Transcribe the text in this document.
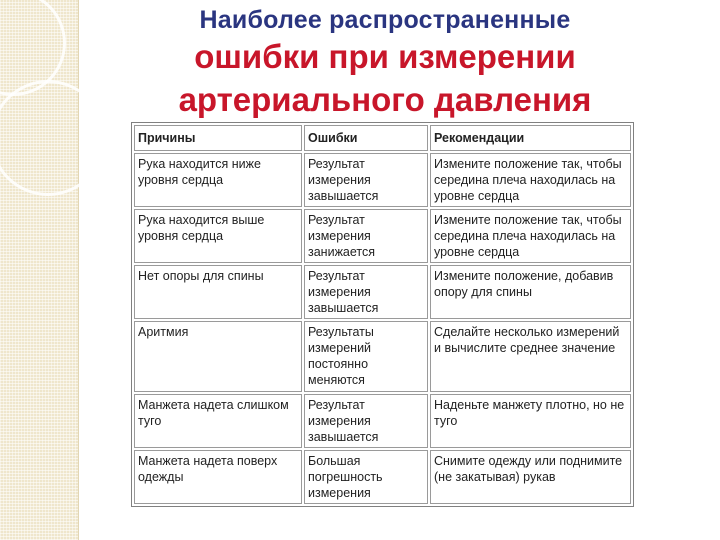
Наиболее распространенные
ошибки при измерении
артериального давления
Причины	Ошибки	Рекомендации
Рука находится ниже уровня сердца	Результат измерения завышается	Измените положение так, чтобы середина плеча находилась на уровне сердца
Рука находится выше уровня сердца	Результат измерения занижается	Измените положение так, чтобы середина плеча находилась на уровне сердца
Нет опоры для спины	Результат измерения завышается	Измените положение, добавив опору для спины
Аритмия	Результаты измерений постоянно меняются	Сделайте несколько измерений и вычислите среднее значение
Манжета надета слишком туго	Результат измерения завышается	Наденьте манжету плотно, но не туго
Манжета надета поверх одежды	Большая погрешность измерения	Снимите одежду или поднимите (не закатывая) рукав
